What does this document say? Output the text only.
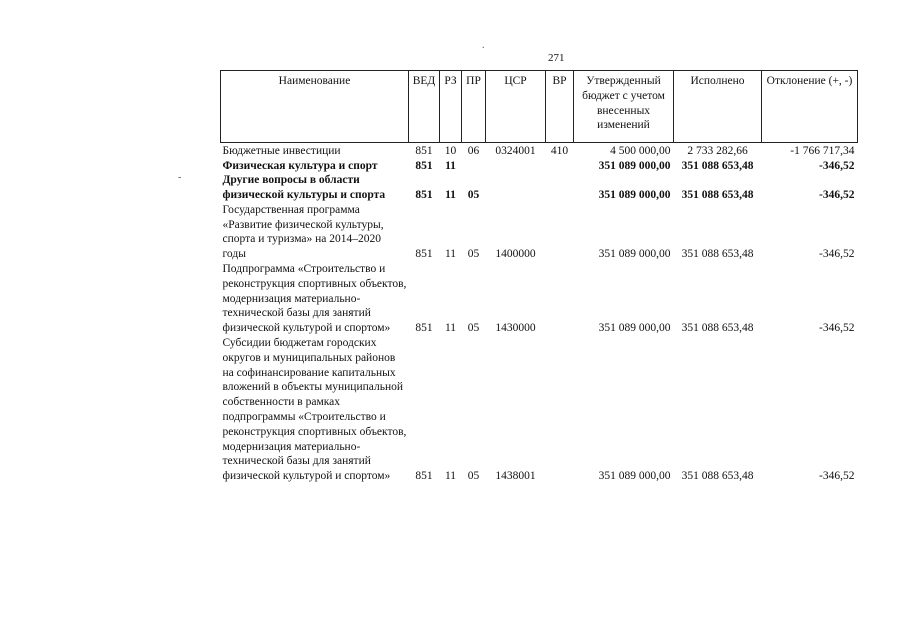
.
-
271
Наименование	ВЕД	РЗ	ПР	ЦСР	ВР	Утвержденный бюджет с учетом внесенных изменений	Исполнено	Отклонение (+, -)
Бюджетные инвестиции	851	10	06	0324001	410	4 500 000,00	2 733 282,66	-1 766 717,34
Физическая культура и спорт	851	11				351 089 000,00	351 088 653,48	-346,52
Другие вопросы в области физической культуры и спорта	851	11	05			351 089 000,00	351 088 653,48	-346,52
Государственная программа «Развитие физической культуры, спорта и туризма» на 2014–2020 годы	851	11	05	1400000		351 089 000,00	351 088 653,48	-346,52
Подпрограмма «Строительство и реконструкция спортивных объектов, модернизация материально-технической базы для занятий физической культурой и спортом»	851	11	05	1430000		351 089 000,00	351 088 653,48	-346,52
Субсидии бюджетам городских округов и муниципальных районов на софинансирование капитальных вложений в объекты муниципальной собственности в рамках подпрограммы «Строительство и реконструкция спортивных объектов, модернизация материально-технической базы для занятий физической культурой и спортом»	851	11	05	1438001		351 089 000,00	351 088 653,48	-346,52
